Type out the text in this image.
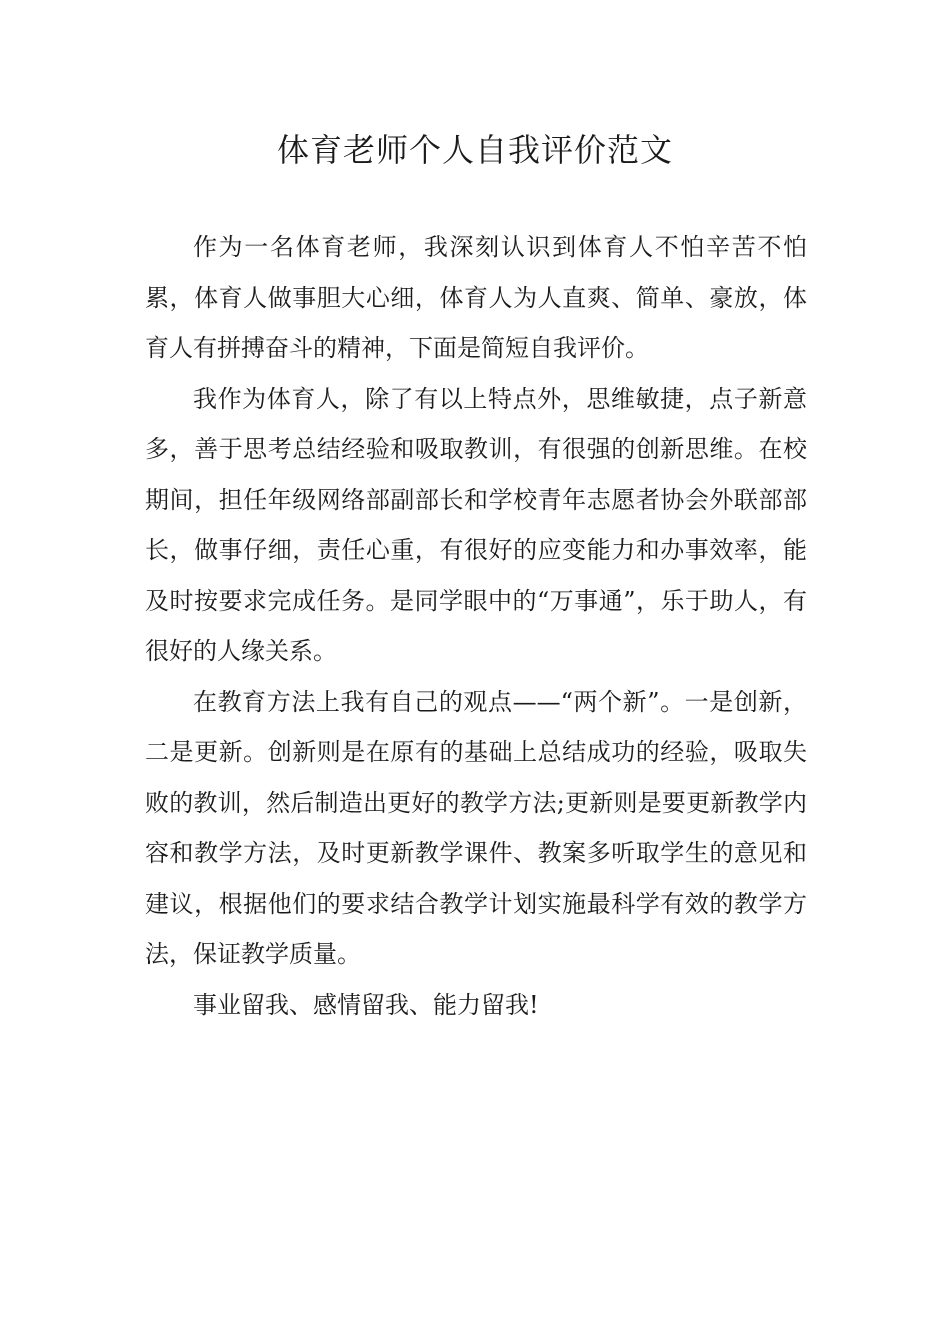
体育老师个人自我评价范文

作为一名体育老师，我深刻认识到体育人不怕辛苦不怕累，体育人做事胆大心细，体育人为人直爽、简单、豪放，体育人有拼搏奋斗的精神，下面是简短自我评价。

我作为体育人，除了有以上特点外，思维敏捷，点子新意多，善于思考总结经验和吸取教训，有很强的创新思维。在校期间，担任年级网络部副部长和学校青年志愿者协会外联部部长，做事仔细，责任心重，有很好的应变能力和办事效率，能及时按要求完成任务。是同学眼中的“万事通”，乐于助人，有很好的人缘关系。

在教育方法上我有自己的观点——“两个新”。一是创新，二是更新。创新则是在原有的基础上总结成功的经验，吸取失败的教训，然后制造出更好的教学方法;更新则是要更新教学内容和教学方法，及时更新教学课件、教案多听取学生的意见和建议，根据他们的要求结合教学计划实施最科学有效的教学方法，保证教学质量。

事业留我、感情留我、能力留我!
